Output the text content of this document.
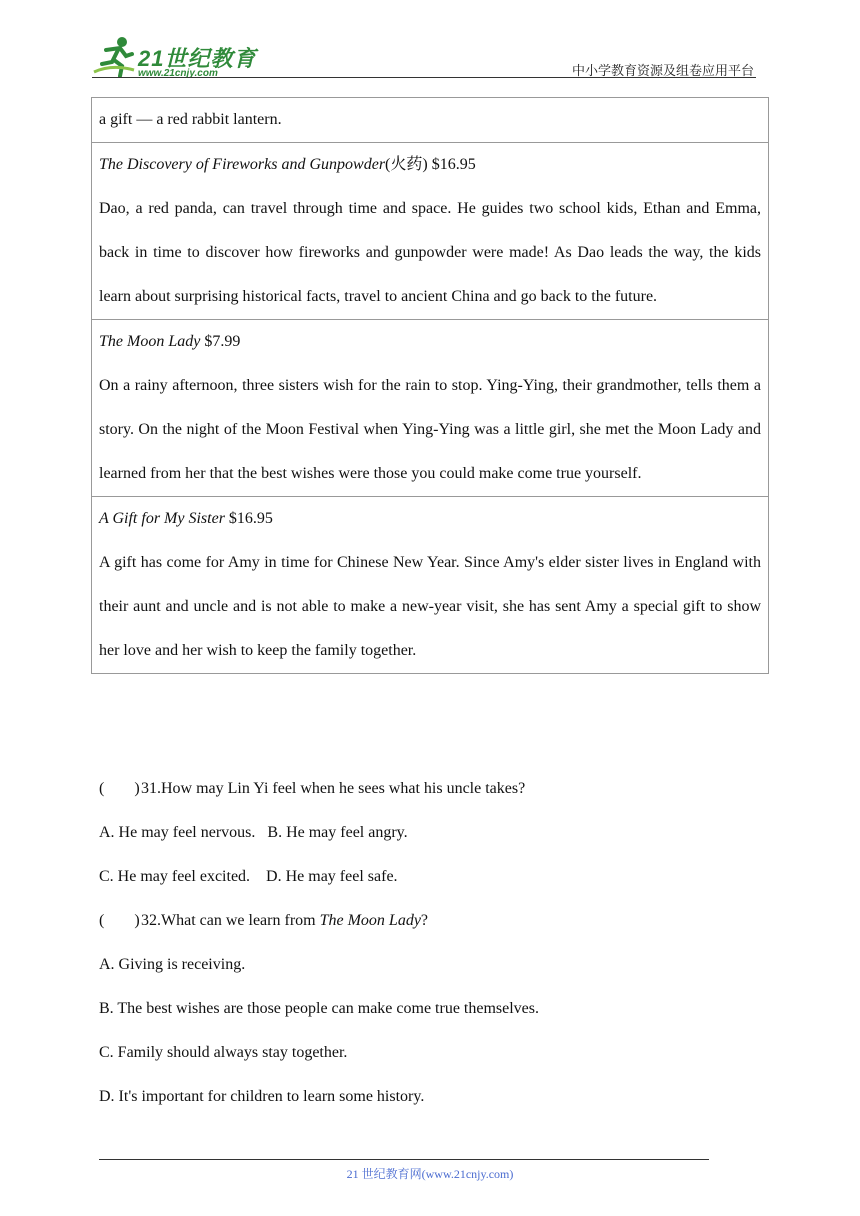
21世纪教育
www.21cnjy.com	中小学教育资源及组卷应用平台
a gift — a red rabbit lantern.

The Discovery of Fireworks and Gunpowder(火药) $16.95
Dao, a red panda, can travel through time and space. He guides two school kids, Ethan and Emma, back in time to discover how fireworks and gunpowder were made! As Dao leads the way, the kids learn about surprising historical facts, travel to ancient China and go back to the future.

The Moon Lady $7.99
On a rainy afternoon, three sisters wish for the rain to stop. Ying-Ying, their grandmother, tells them a story. On the night of the Moon Festival when Ying-Ying was a little girl, she met the Moon Lady and learned from her that the best wishes were those you could make come true yourself.

A Gift for My Sister $16.95
A gift has come for Amy in time for Chinese New Year. Since Amy's elder sister lives in England with their aunt and uncle and is not able to make a new-year visit, she has sent Amy a special gift to show her love and her wish to keep the family together.

( )31.How may Lin Yi feel when he sees what his uncle takes?

A. He may feel nervous.   B. He may feel angry.

C. He may feel excited.    D. He may feel safe.

( )32.What can we learn from The Moon Lady?

A. Giving is receiving.

B. The best wishes are those people can make come true themselves.

C. Family should always stay together.

D. It's important for children to learn some history.

21 世纪教育网(www.21cnjy.com)
